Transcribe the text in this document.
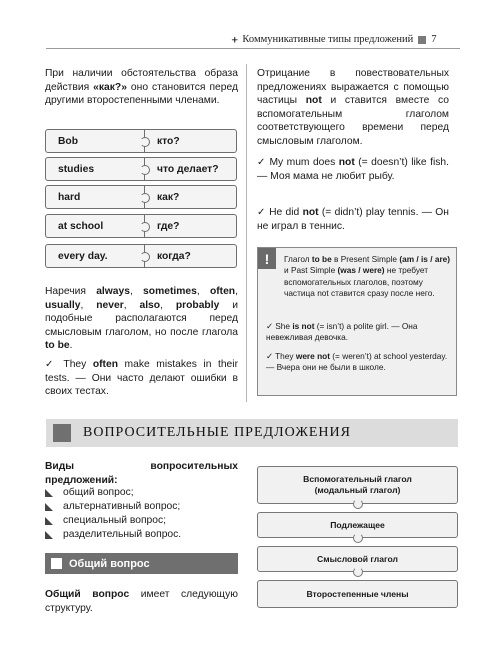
ᚐ Коммуникативные типы предложений 7
При наличии обстоятельства образа действия «как?» оно становится перед другими второстепенными членами.
Bob	кто?
studies	что делает?
hard	как?
at school	где?
every day.	когда?
Наречия always, sometimes, often, usually, never, also, probably и подобные располагаются перед смысловым глаголом, но после глагола to be.
✓ They often make mistakes in their tests. — Они часто делают ошибки в своих тестах.
Отрицание в повествовательных предложениях выражается с помощью частицы not и ставится вместе со вспомогательным глаголом соответствующего времени перед смысловым глаголом.
✓ My mum does not (= doesn’t) like fish. — Моя мама не любит рыбу.
✓ He did not (= didn’t) play tennis. — Он не играл в теннис.
!	Глагол to be в Present Simple (am / is / are) и Past Simple (was / were) не требует вспомогательных глаголов, поэтому частица not ставится сразу после него.
✓ She is not (= isn’t) a polite girl. — Она невежливая девочка.
✓ They were not (= weren’t) at school yesterday. — Вчера они не были в школе.
ВОПРОСИТЕЛЬНЫЕ ПРЕДЛОЖЕНИЯ
Виды вопросительных предложений:
общий вопрос;
альтернативный вопрос;
специальный вопрос;
разделительный вопрос.
Общий вопрос
Общий вопрос имеет следующую структуру.
Вспомогательный глагол
(модальный глагол)
Подлежащее
Смысловой глагол
Второстепенные члены
